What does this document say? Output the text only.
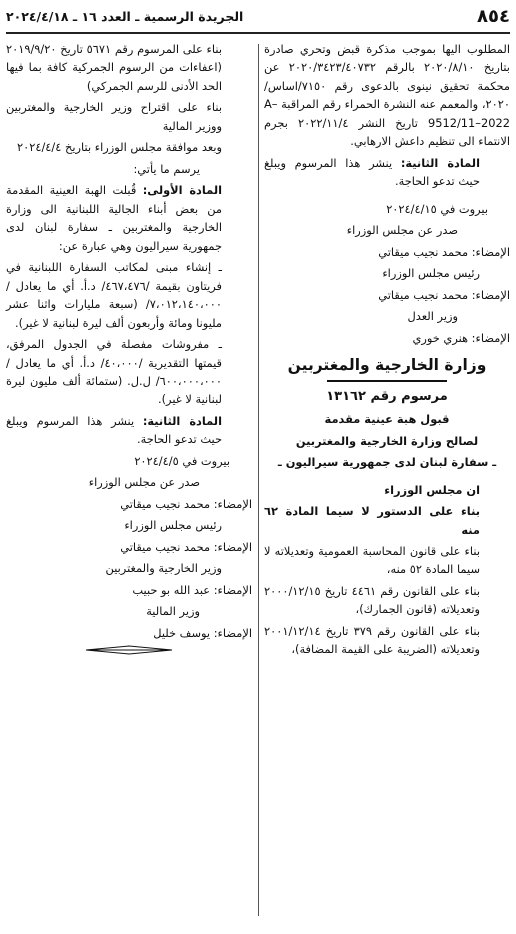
٨٥٤
الجريدة الرسمية ـ العدد ١٦ ـ ٢٠٢٤/٤/١٨

المطلوب اليها بموجب مذكرة قبض وتحري صادرة بتاريخ ٢٠٢٠/٨/١٠ بالرقم ٢٠٢٠/٣٤٢٣/٤٠٧٣٢ عن محكمة تحقيق نينوى بالدعوى رقم ٧١٥٠/اساس/ ٢٠٢٠، والمعمم عنه النشرة الحمراء رقم المراقبة A–9512/11–2022 تاريخ النشر ٢٠٢٢/١١/٤ بجرم الانتماء الى تنظيم داعش الارهابي.

المادة الثانية: ينشر هذا المرسوم ويبلغ حيث تدعو الحاجة.

بيروت في ٢٠٢٤/٤/١٥

صدر عن مجلس الوزراء

الإمضاء: محمد نجيب ميقاتي

رئيس مجلس الوزراء

الإمضاء: محمد نجيب ميقاتي

وزير العدل

الإمضاء: هنري خوري

وزارة الخارجية والمغتربين

مرسوم رقم ١٣١٦٢

قبول هبة عينية مقدمة

لصالح وزارة الخارجية والمغتربين

ـ سفارة لبنان لدى جمهورية سيراليون ـ

ان مجلس الوزراء

بناء على الدستور لا سيما المادة ٦٢ منه

بناء على قانون المحاسبة العمومية وتعديلاته لا سيما المادة ٥٢ منه،

بناء على القانون رقم ٤٤٦١ تاريخ ٢٠٠٠/١٢/١٥ وتعديلاته (قانون الجمارك)،

بناء على القانون رقم ٣٧٩ تاريخ ٢٠٠١/١٢/١٤ وتعديلاته (الضريبة على القيمة المضافة)،

بناء على المرسوم رقم ٥٦٧١ تاريخ ٢٠١٩/٩/٢٠ (اعفاءات من الرسوم الجمركية كافة بما فيها الحد الأدنى للرسم الجمركي)

بناء على اقتراح وزير الخارجية والمغتربين ووزير المالية

وبعد موافقة مجلس الوزراء بتاريخ ٢٠٢٤/٤/٤

يرسم ما يأتي:

المادة الأولى: قُبلت الهبة العينية المقدمة من بعض أبناء الجالية اللبنانية الى وزارة الخارجية والمغتربين ـ سفارة لبنان لدى جمهورية سيراليون وهي عبارة عن:

ـ إنشاء مبنى لمكاتب السفارة اللبنانية في فريتاون بقيمة /٤٦٧،٤٧٦/ د.أ. أي ما يعادل /٧،٠١٢،١٤٠،٠٠٠/ (سبعة مليارات واثنا عشر مليونا ومائة وأربعون ألف ليرة لبنانية لا غير).

ـ مفروشات مفصلة في الجدول المرفق، قيمتها التقديرية /٤٠،٠٠٠/ د.أ. أي ما يعادل /٦٠٠،٠٠٠،٠٠٠/ ل.ل. (ستمائة ألف مليون ليرة لبنانية لا غير).

المادة الثانية: ينشر هذا المرسوم ويبلغ حيث تدعو الحاجة.

بيروت في ٢٠٢٤/٤/٥

صدر عن مجلس الوزراء

الإمضاء: محمد نجيب ميقاتي

رئيس مجلس الوزراء

الإمضاء: محمد نجيب ميقاتي

وزير الخارجية والمغتربين

الإمضاء: عبد الله بو حبيب

وزير المالية

الإمضاء: يوسف خليل
